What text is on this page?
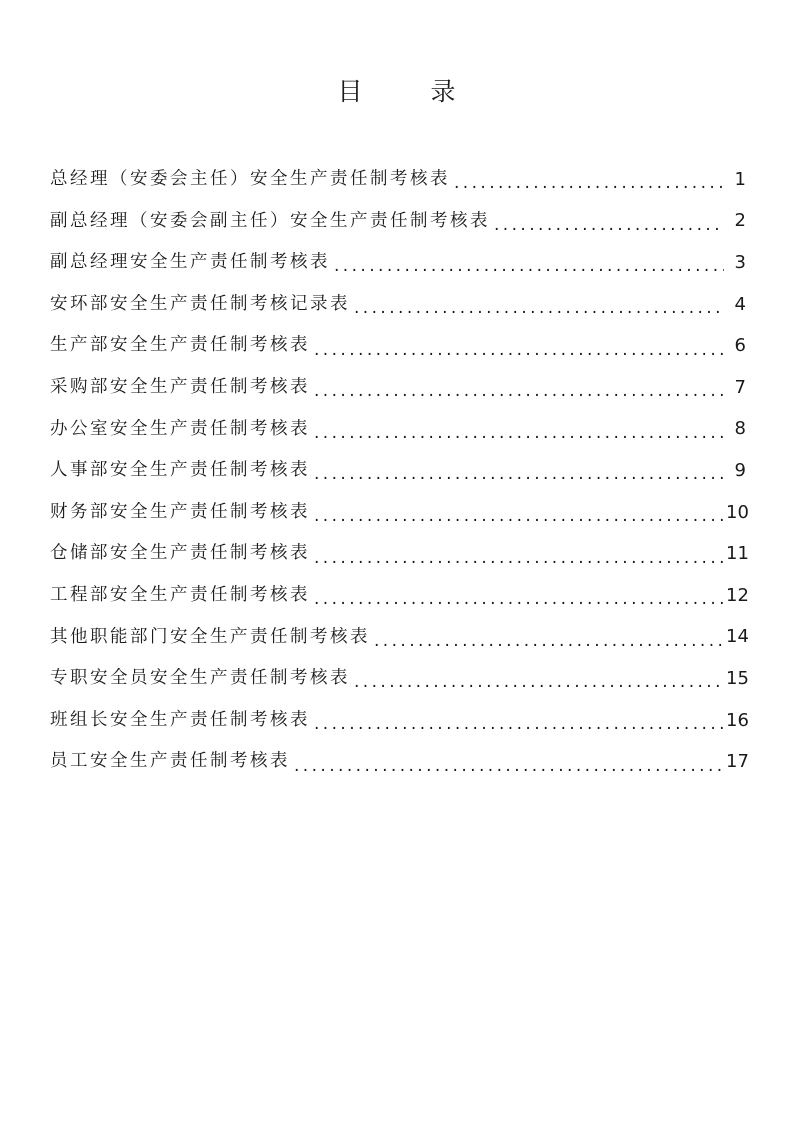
目 录
总经理（安委会主任）安全生产责任制考核表 . . .	1
副总经理（安委会副主任）安全生产责任制考核表 . . .	2
副总经理安全生产责任制考核表 . . .	3
安环部安全生产责任制考核记录表 . . .	4
生产部安全生产责任制考核表 . . .	6
采购部安全生产责任制考核表 . . .	7
办公室安全生产责任制考核表 . . .	8
人事部安全生产责任制考核表 . . .	9
财务部安全生产责任制考核表 . . .	10
仓储部安全生产责任制考核表 . . .	11
工程部安全生产责任制考核表 . . .	12
其他职能部门安全生产责任制考核表 . . .	14
专职安全员安全生产责任制考核表 . . .	15
班组长安全生产责任制考核表 . . .	16
员工安全生产责任制考核表 . . .	17
